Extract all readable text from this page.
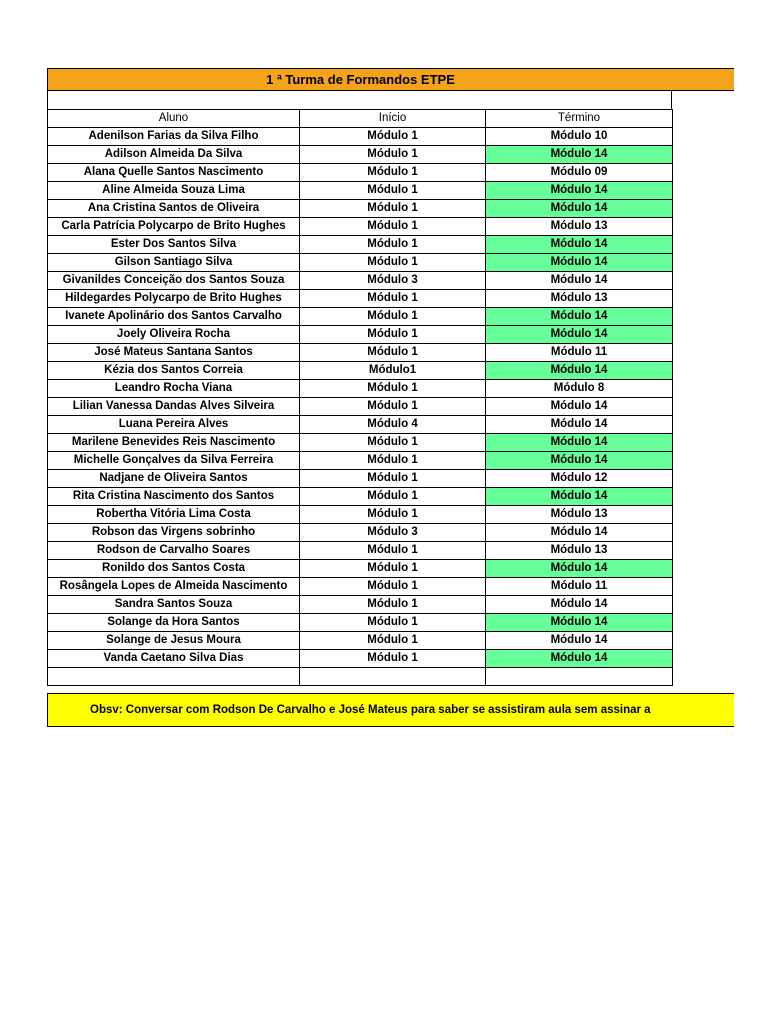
1 ª Turma de Formandos ETPE
Aluno	Início	Término
Adenilson Farias da Silva Filho	Módulo 1	Módulo 10
Adilson Almeida Da Silva	Módulo 1	Módulo 14
Alana Quelle Santos Nascimento	Módulo 1	Módulo 09
Aline Almeida Souza Lima	Módulo 1	Módulo 14
Ana Cristina Santos de Oliveira	Módulo 1	Módulo 14
Carla Patrícia Polycarpo de Brito Hughes	Módulo 1	Módulo 13
Ester Dos Santos Silva	Módulo 1	Módulo 14
Gilson Santiago Silva	Módulo 1	Módulo 14
Givanildes Conceição dos Santos Souza	Módulo 3	Módulo 14
Hildegardes Polycarpo de Brito Hughes	Módulo 1	Módulo 13
Ivanete Apolinário dos Santos Carvalho	Módulo 1	Módulo 14
Joely Oliveira Rocha	Módulo 1	Módulo 14
José Mateus Santana Santos	Módulo 1	Módulo 11
Kézia dos Santos Correia	Módulo1	Módulo 14
Leandro Rocha Viana	Módulo 1	Módulo 8
Lilian Vanessa Dandas Alves Silveira	Módulo 1	Módulo 14
Luana Pereira Alves	Módulo 4	Módulo 14
Marilene Benevides Reis Nascimento	Módulo 1	Módulo 14
Michelle Gonçalves da Silva Ferreira	Módulo 1	Módulo 14
Nadjane de Oliveira Santos	Módulo 1	Módulo 12
Rita Cristina Nascimento dos Santos	Módulo 1	Módulo 14
Robertha Vitória Lima Costa	Módulo 1	Módulo 13
Robson das Virgens sobrinho	Módulo 3	Módulo 14
Rodson de Carvalho Soares	Módulo 1	Módulo 13
Ronildo dos Santos Costa	Módulo 1	Módulo 14
Rosângela Lopes de Almeida Nascimento	Módulo 1	Módulo 11
Sandra Santos Souza	Módulo 1	Módulo 14
Solange da Hora Santos	Módulo 1	Módulo 14
Solange de Jesus Moura	Módulo 1	Módulo 14
Vanda Caetano Silva Dias	Módulo 1	Módulo 14

Obsv: Conversar com Rodson De Carvalho e José Mateus para saber se assistiram aula sem assinar a
